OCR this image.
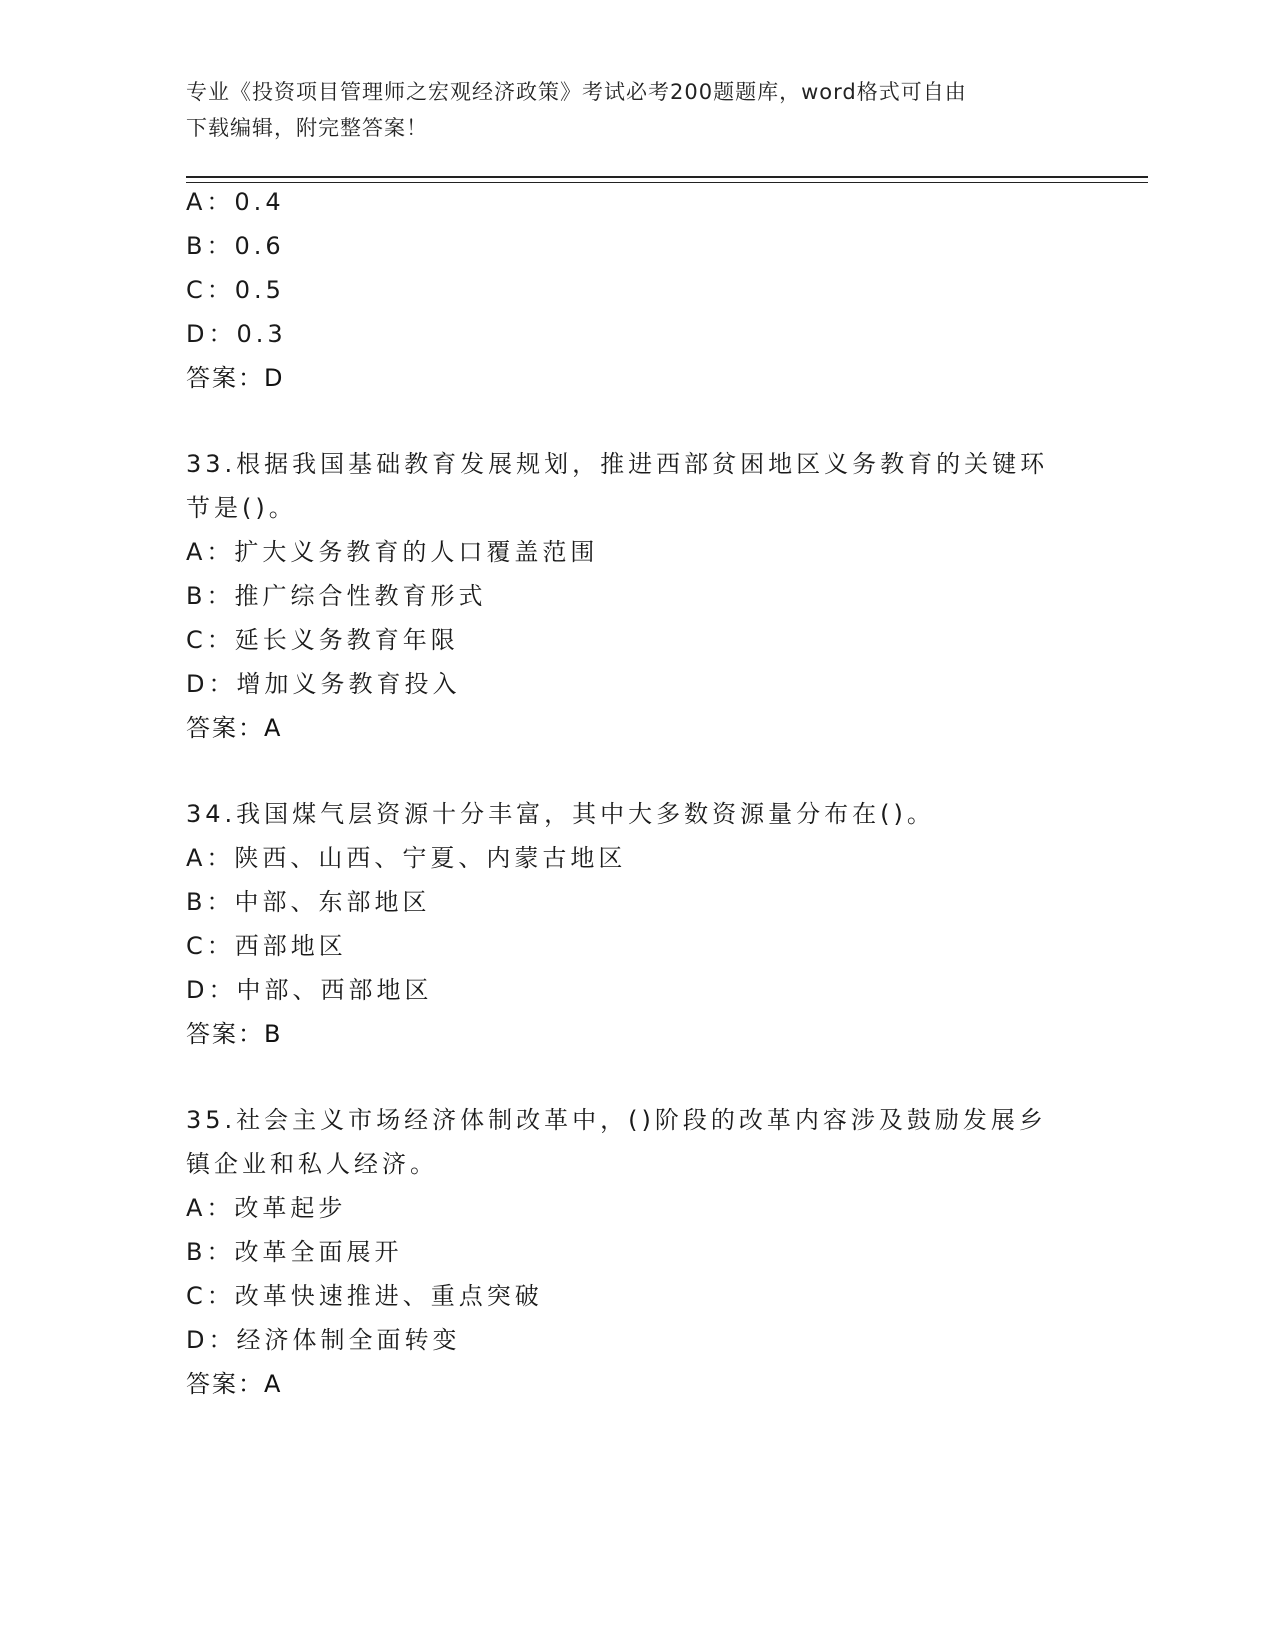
专业《投资项目管理师之宏观经济政策》考试必考200题题库，word格式可自由
下载编辑，附完整答案！
A：0.4
B：0.6
C：0.5
D：0.3
答案：D
33.根据我国基础教育发展规划，推进西部贫困地区义务教育的关键环
节是()。
A：扩大义务教育的人口覆盖范围
B：推广综合性教育形式
C：延长义务教育年限
D：增加义务教育投入
答案：A
34.我国煤气层资源十分丰富，其中大多数资源量分布在()。
A：陕西、山西、宁夏、内蒙古地区
B：中部、东部地区
C：西部地区
D：中部、西部地区
答案：B
35.社会主义市场经济体制改革中，()阶段的改革内容涉及鼓励发展乡
镇企业和私人经济。
A：改革起步
B：改革全面展开
C：改革快速推进、重点突破
D：经济体制全面转变
答案：A
